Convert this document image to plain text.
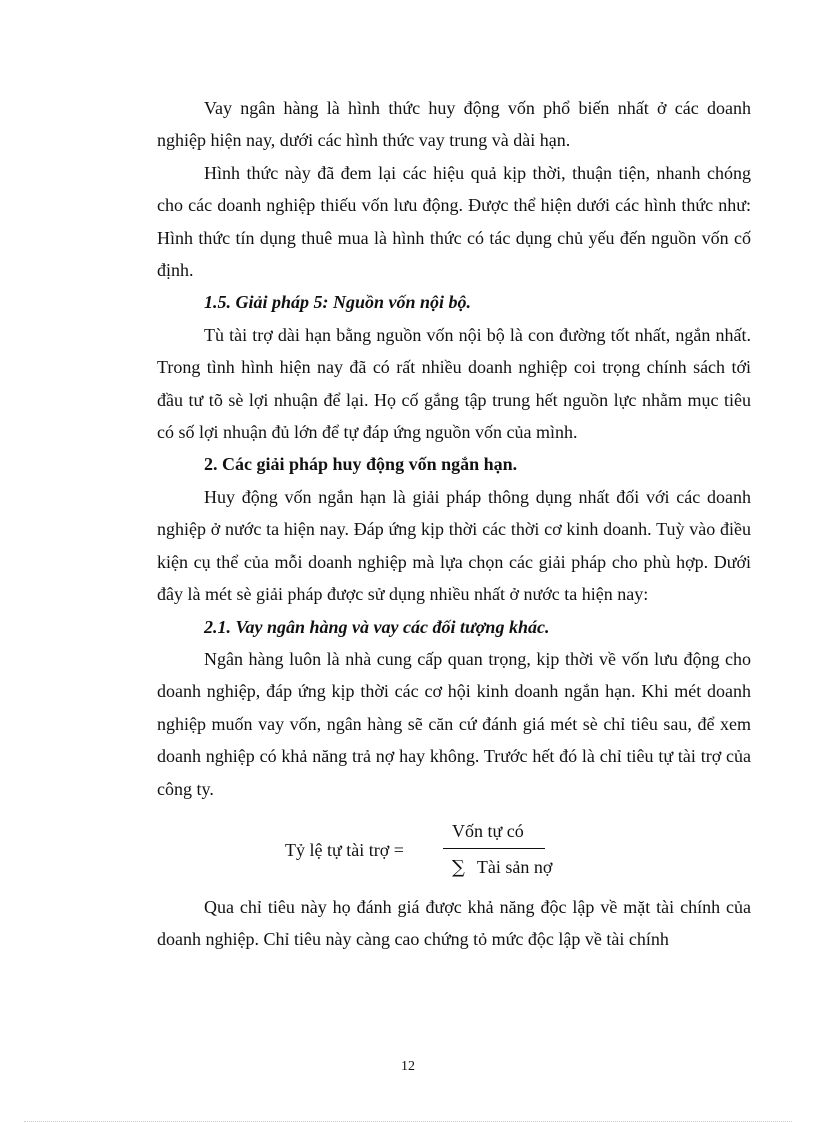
Vay ngân hàng là hình thức huy động vốn phổ biến nhất ở các doanh nghiệp hiện nay, dưới các hình thức vay trung và dài hạn.

Hình thức này đã đem lại các hiệu quả kịp thời, thuận tiện, nhanh chóng cho các doanh nghiệp thiếu vốn lưu động. Được thể hiện dưới các hình thức như: Hình thức tín dụng thuê mua là hình thức có tác dụng chủ yếu đến nguồn vốn cố định.

1.5. Giải pháp 5: Nguồn vốn nội bộ.

Tù tài trợ dài hạn bằng nguồn vốn nội bộ là con đường tốt nhất, ngắn nhất. Trong tình hình hiện nay đã có rất nhiều doanh nghiệp coi trọng chính sách tới đầu tư tõ sè lợi nhuận để lại. Họ cố gắng tập trung hết nguồn lực nhằm mục tiêu có số lợi nhuận đủ lớn để tự đáp ứng nguồn vốn của mình.

2. Các giải pháp huy động vốn ngắn hạn.

Huy động vốn ngắn hạn là giải pháp thông dụng nhất đối với các doanh nghiệp ở nước ta hiện nay. Đáp ứng kịp thời các thời cơ kinh doanh. Tuỳ vào điều kiện cụ thể của mỗi doanh nghiệp mà lựa chọn các giải pháp cho phù hợp. Dưới đây là mét sè giải pháp được sử dụng nhiều nhất ở nước ta hiện nay:

2.1. Vay ngân hàng và vay các đối tượng khác.

Ngân hàng luôn là nhà cung cấp quan trọng, kịp thời về vốn lưu động cho doanh nghiệp, đáp ứng kịp thời các cơ hội kinh doanh ngắn hạn. Khi mét doanh nghiệp muốn vay vốn, ngân hàng sẽ căn cứ đánh giá mét sè chỉ tiêu sau, để xem doanh nghiệp có khả năng trả nợ hay không. Trước hết đó là chỉ tiêu tự tài trợ của công ty.

Tỷ lệ tự tài trợ =
Vốn tự có
∑ Tài sản nợ

Qua chỉ tiêu này họ đánh giá được khả năng độc lập về mặt tài chính của doanh nghiệp. Chỉ tiêu này càng cao chứng tỏ mức độc lập về tài chính

12
